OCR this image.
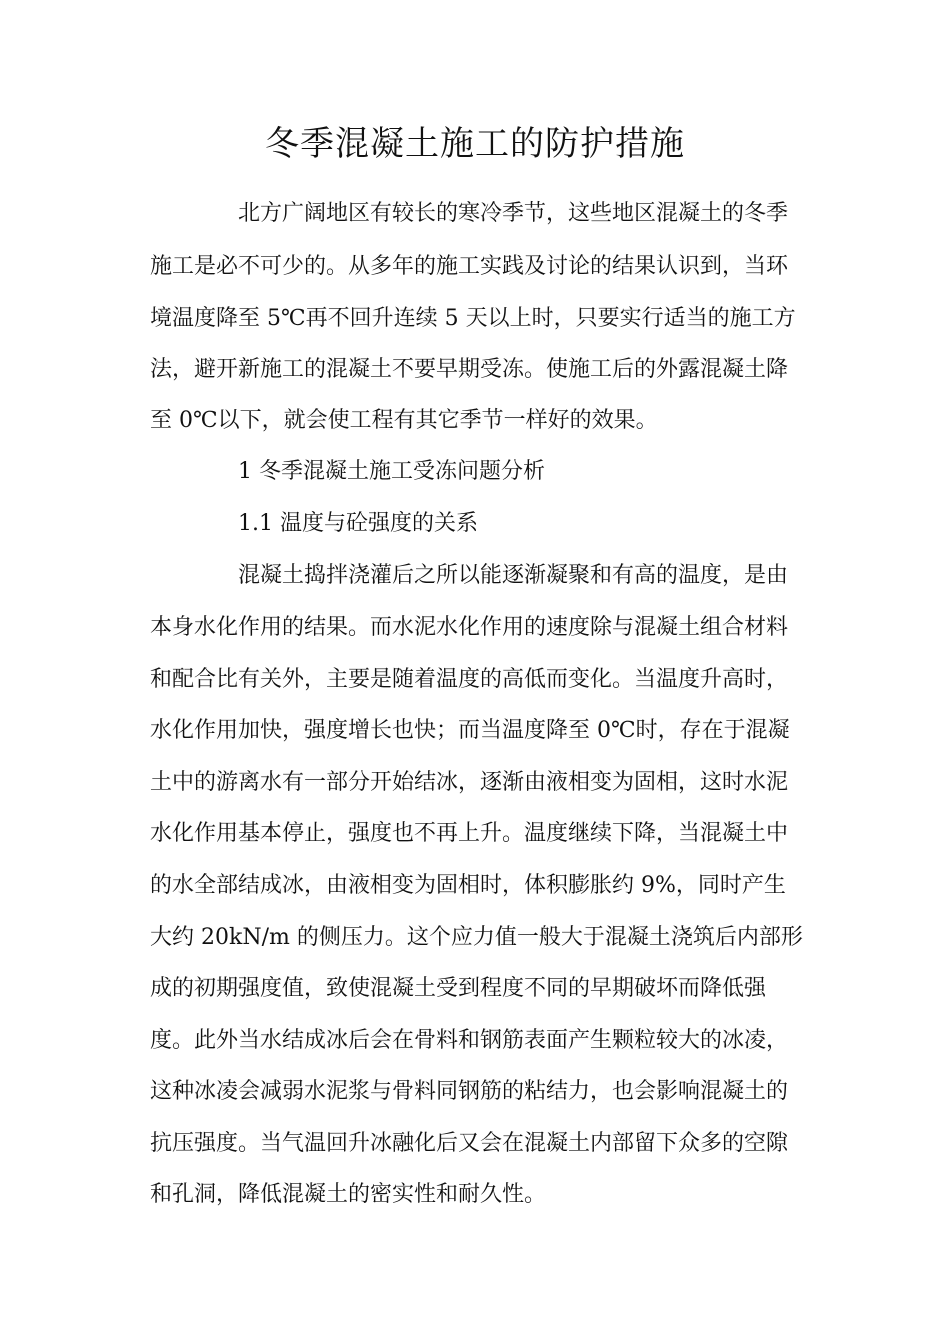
冬季混凝土施工的防护措施
北方广阔地区有较长的寒冷季节，这些地区混凝土的冬季
施工是必不可少的。从多年的施工实践及讨论的结果认识到，当环
境温度降至 5℃再不回升连续 5 天以上时，只要实行适当的施工方
法，避开新施工的混凝土不要早期受冻。使施工后的外露混凝土降
至 0℃以下，就会使工程有其它季节一样好的效果。
1 冬季混凝土施工受冻问题分析
1.1 温度与砼强度的关系
混凝土捣拌浇灌后之所以能逐渐凝聚和有高的温度，是由
本身水化作用的结果。而水泥水化作用的速度除与混凝土组合材料
和配合比有关外，主要是随着温度的高低而变化。当温度升高时，
水化作用加快，强度增长也快；而当温度降至 0℃时，存在于混凝
土中的游离水有一部分开始结冰，逐渐由液相变为固相，这时水泥
水化作用基本停止，强度也不再上升。温度继续下降，当混凝土中
的水全部结成冰，由液相变为固相时，体积膨胀约 9%，同时产生
大约 20kN/m 的侧压力。这个应力值一般大于混凝土浇筑后内部形
成的初期强度值，致使混凝土受到程度不同的早期破坏而降低强
度。此外当水结成冰后会在骨料和钢筋表面产生颗粒较大的冰凌，
这种冰凌会减弱水泥浆与骨料同钢筋的粘结力，也会影响混凝土的
抗压强度。当气温回升冰融化后又会在混凝土内部留下众多的空隙
和孔洞，降低混凝土的密实性和耐久性。
